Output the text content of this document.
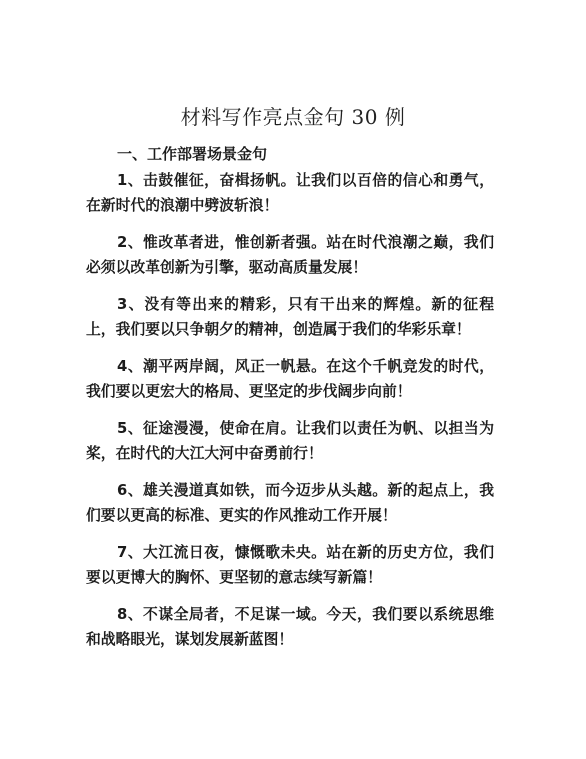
材料写作亮点金句 30 例
一、工作部署场景金句

1、击鼓催征，奋楫扬帆。让我们以百倍的信心和勇气，在新时代的浪潮中劈波斩浪！

2、惟改革者进，惟创新者强。站在时代浪潮之巅，我们必须以改革创新为引擎，驱动高质量发展！

3、没有等出来的精彩，只有干出来的辉煌。新的征程上，我们要以只争朝夕的精神，创造属于我们的华彩乐章！

4、潮平两岸阔，风正一帆悬。在这个千帆竞发的时代，我们要以更宏大的格局、更坚定的步伐阔步向前！

5、征途漫漫，使命在肩。让我们以责任为帆、以担当为桨，在时代的大江大河中奋勇前行！

6、雄关漫道真如铁，而今迈步从头越。新的起点上，我们要以更高的标准、更实的作风推动工作开展！

7、大江流日夜，慷慨歌未央。站在新的历史方位，我们要以更博大的胸怀、更坚韧的意志续写新篇！

8、不谋全局者，不足谋一域。今天，我们要以系统思维和战略眼光，谋划发展新蓝图！
